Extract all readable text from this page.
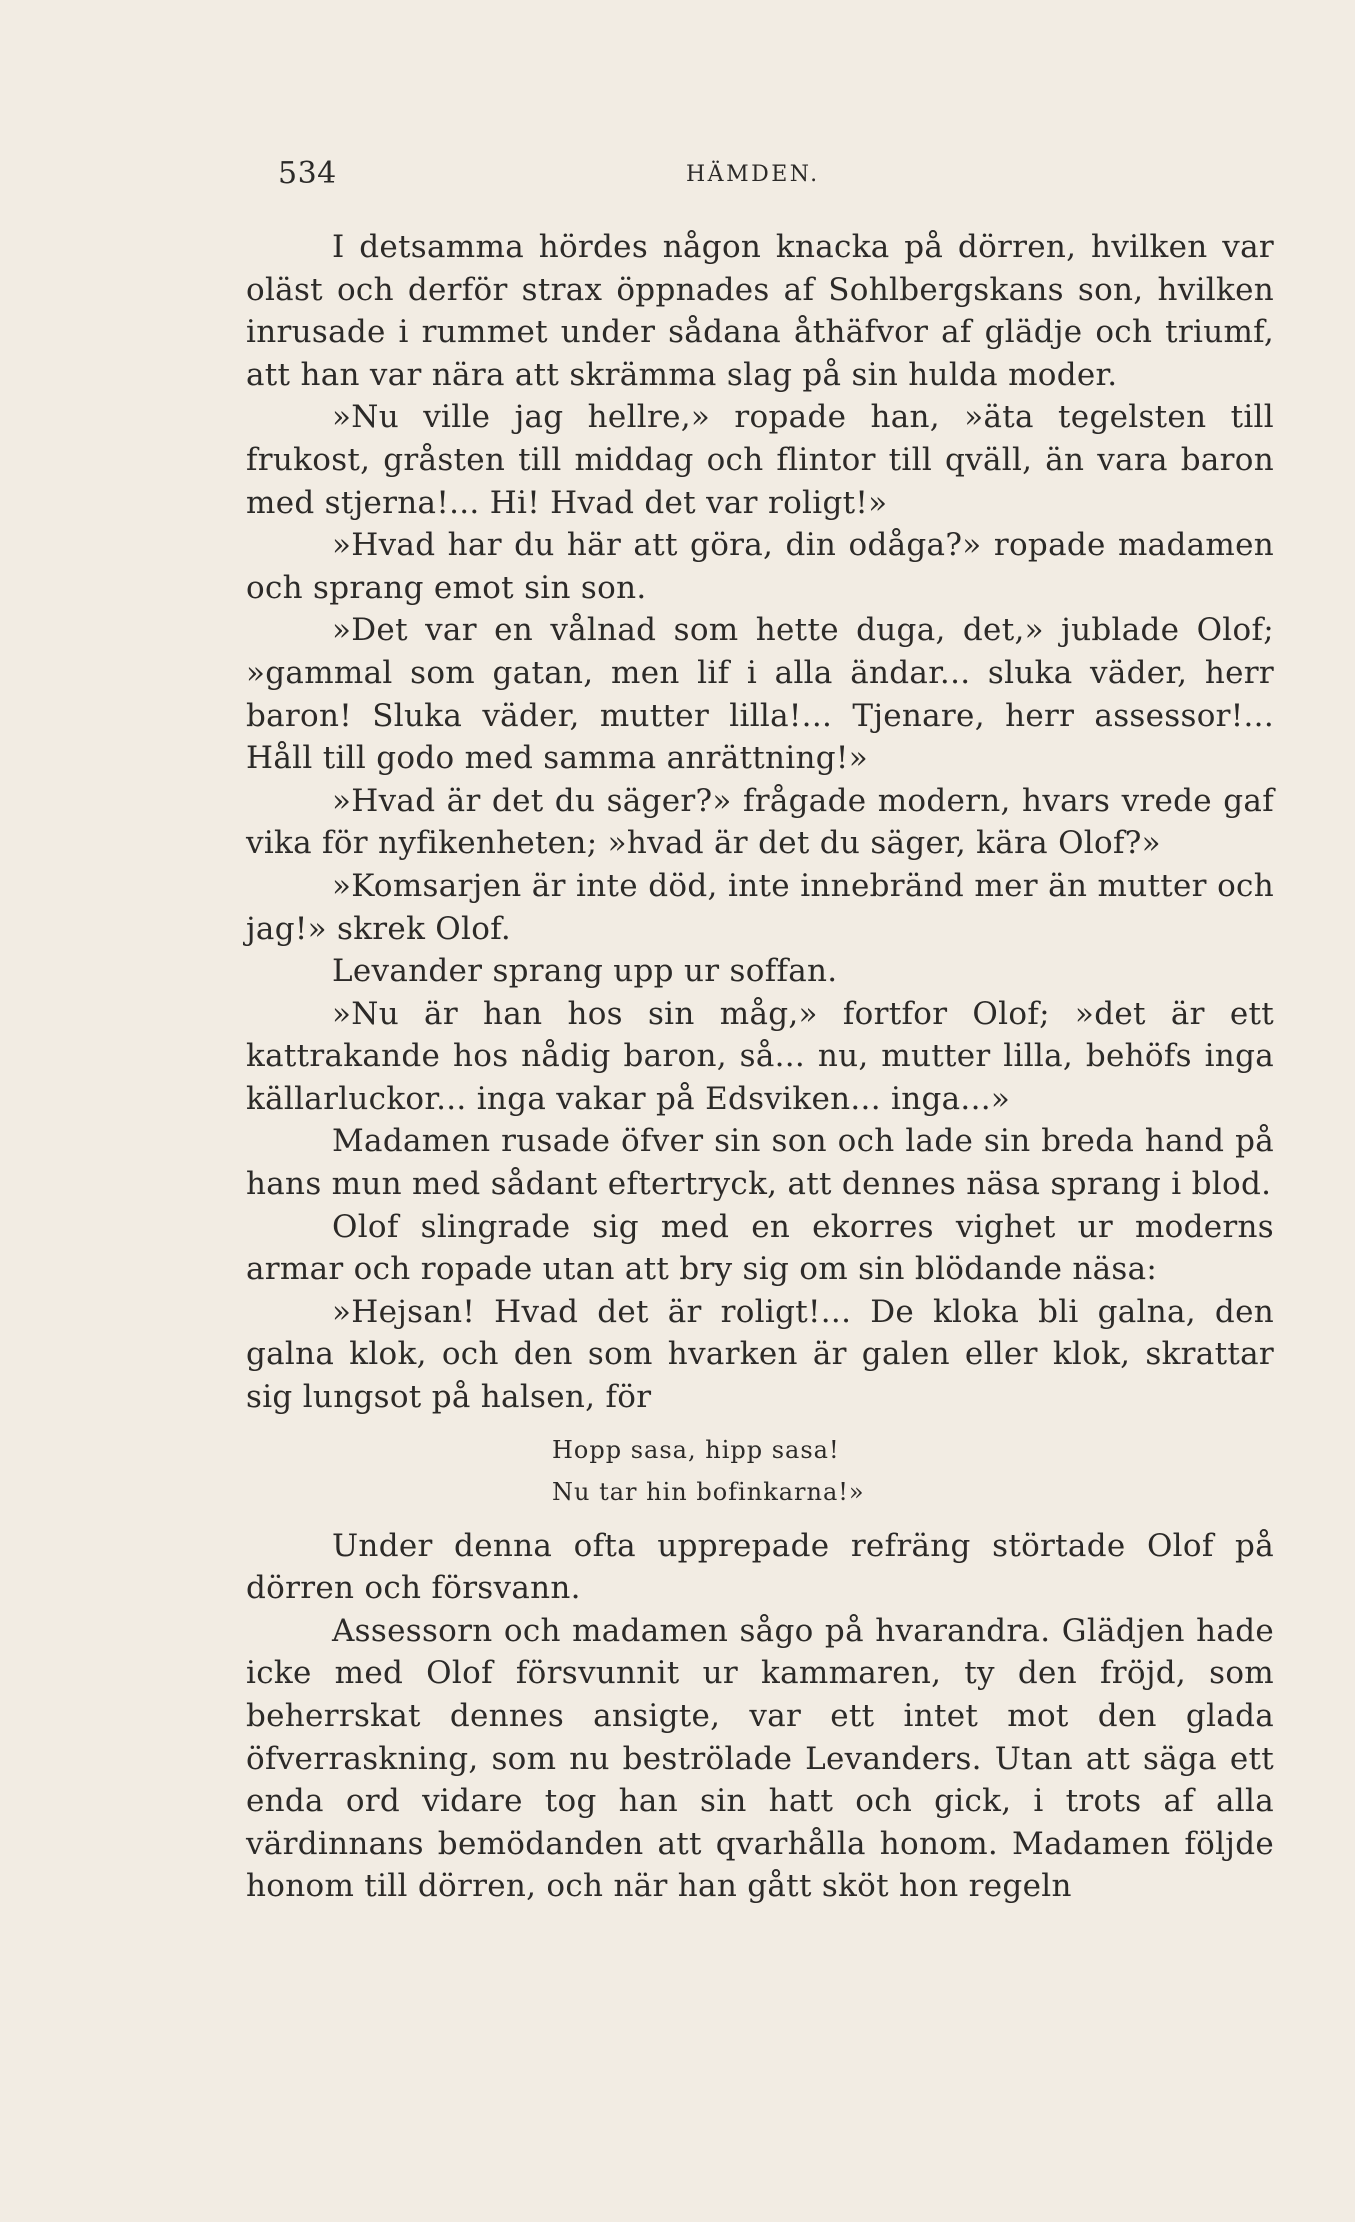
534	HÄMDEN.

I detsamma hördes någon knacka på dörren, hvilken var oläst och derför strax öppnades af Sohlbergskans son, hvilken inrusade i rummet under sådana åthäfvor af glädje och triumf, att han var nära att skrämma slag på sin hulda moder.

»Nu ville jag hellre,» ropade han, »äta tegelsten till frukost, gråsten till middag och flintor till qväll, än vara baron med stjerna!... Hi! Hvad det var roligt!»

»Hvad har du här att göra, din odåga?» ropade madamen och sprang emot sin son.

»Det var en vålnad som hette duga, det,» jublade Olof; »gammal som gatan, men lif i alla ändar... sluka väder, herr baron! Sluka väder, mutter lilla!... Tjenare, herr assessor!... Håll till godo med samma anrättning!»

»Hvad är det du säger?» frågade modern, hvars vrede gaf vika för nyfikenheten; »hvad är det du säger, kära Olof?»

»Komsarjen är inte död, inte innebränd mer än mutter och jag!» skrek Olof.

Levander sprang upp ur soffan.

»Nu är han hos sin måg,» fortfor Olof; »det är ett kattrakande hos nådig baron, så... nu, mutter lilla, behöfs inga källarluckor... inga vakar på Edsviken... inga...»

Madamen rusade öfver sin son och lade sin breda hand på hans mun med sådant eftertryck, att dennes näsa sprang i blod.

Olof slingrade sig med en ekorres vighet ur moderns armar och ropade utan att bry sig om sin blödande näsa:

»Hejsan! Hvad det är roligt!... De kloka bli galna, den galna klok, och den som hvarken är galen eller klok, skrattar sig lungsot på halsen, för

Hopp sasa, hipp sasa!
Nu tar hin bofinkarna!»

Under denna ofta upprepade refräng störtade Olof på dörren och försvann.

Assessorn och madamen sågo på hvarandra. Glädjen hade icke med Olof försvunnit ur kammaren, ty den fröjd, som beherrskat dennes ansigte, var ett intet mot den glada öfverraskning, som nu beströlade Levanders. Utan att säga ett enda ord vidare tog han sin hatt och gick, i trots af alla värdinnans bemödanden att qvarhålla honom. Madamen följde honom till dörren, och när han gått sköt hon regeln
